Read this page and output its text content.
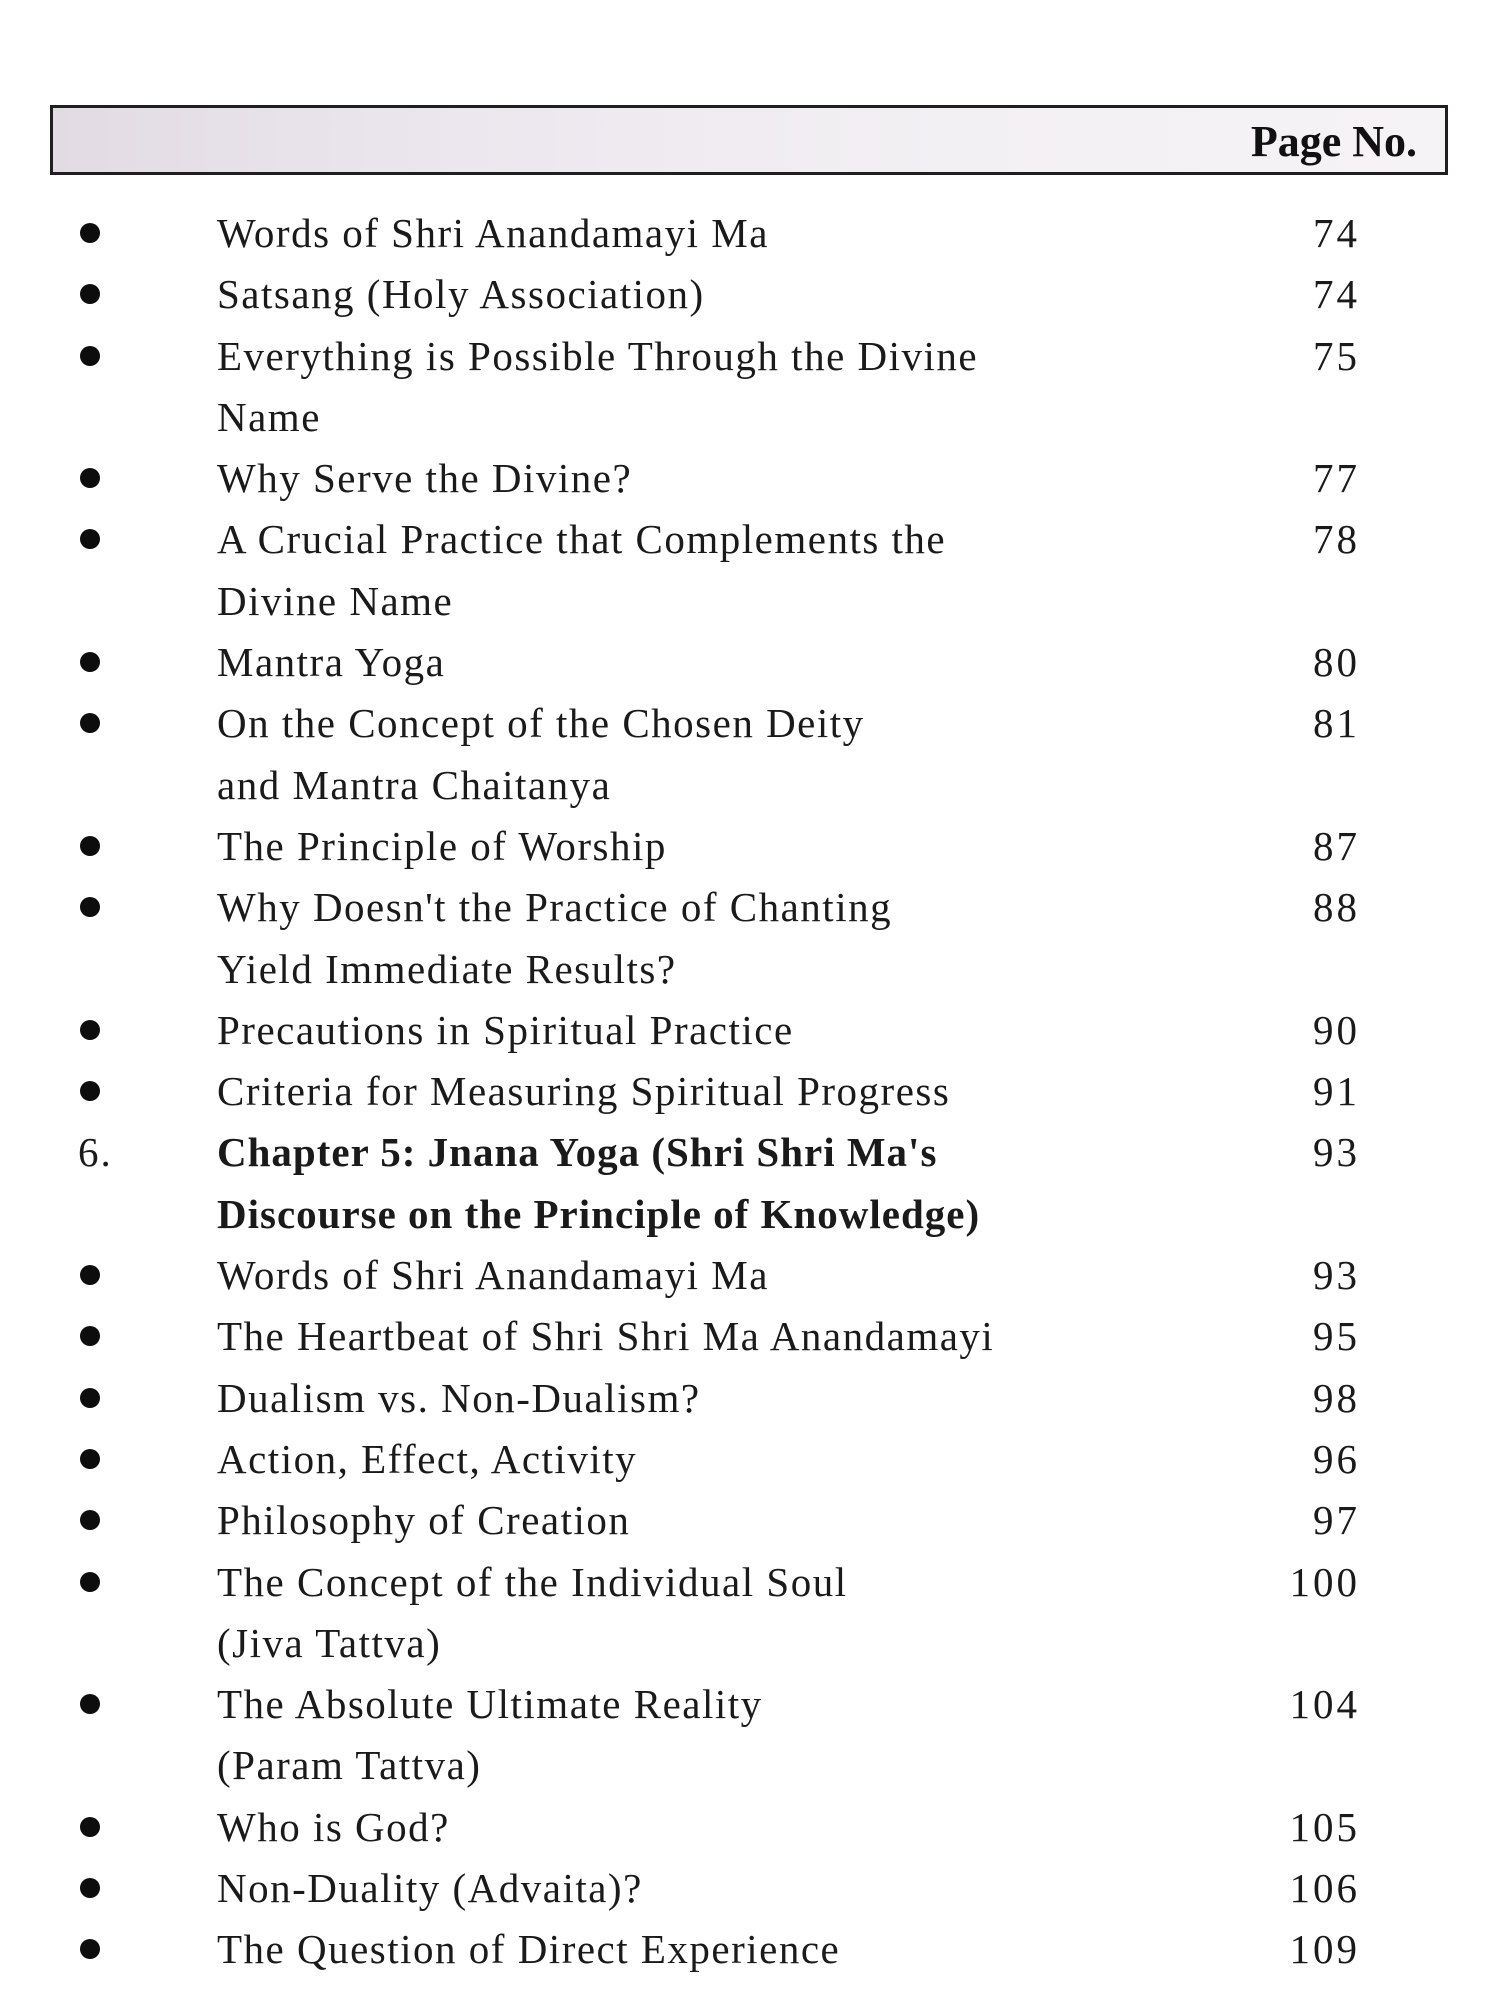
Page No.
74
Words of Shri Anandamayi Ma
74
Satsang (Holy Association)
75
Everything is Possible Through the Divine
Name
77
Why Serve the Divine?
78
A Crucial Practice that Complements the
Divine Name
80
Mantra Yoga
81
On the Concept of the Chosen Deity
and Mantra Chaitanya
87
The Principle of Worship
88
Why Doesn't the Practice of Chanting
Yield Immediate Results?
90
Precautions in Spiritual Practice
91
Criteria for Measuring Spiritual Progress
6.	93
Chapter 5: Jnana Yoga (Shri Shri Ma's
Discourse on the Principle of Knowledge)
93
Words of Shri Anandamayi Ma
95
The Heartbeat of Shri Shri Ma Anandamayi
98
Dualism vs. Non-Dualism?
96
Action, Effect, Activity
97
Philosophy of Creation
100
The Concept of the Individual Soul
(Jiva Tattva)
104
The Absolute Ultimate Reality
(Param Tattva)
105
Who is God?
106
Non-Duality (Advaita)?
109
The Question of Direct Experience
